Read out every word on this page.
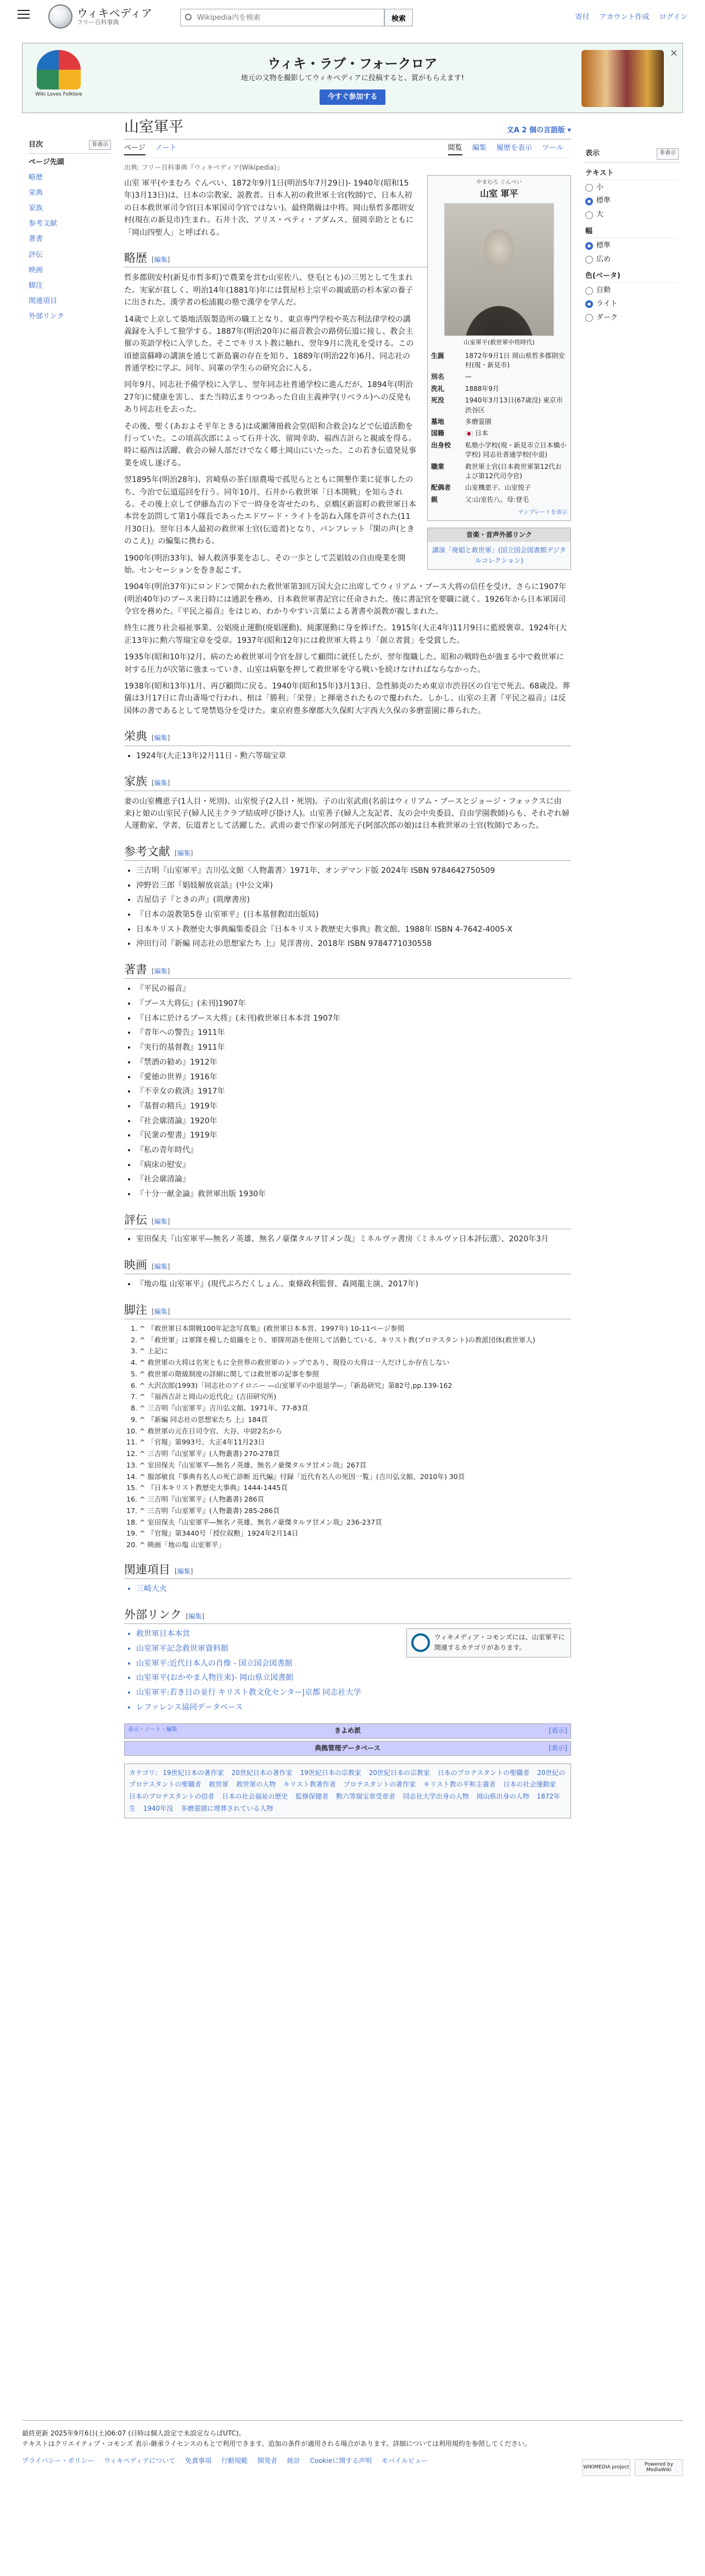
ウィキペディア
フリー百科事典
Wikipedia内を検索	検索	寄付 アカウント作成 ログイン
Wiki Loves Folklore
ウィキ・ラブ・フォークロア
地元の文物を撮影してウィキペディアに投稿すると、賞がもらえます!
今すぐ参加する
×
目次	非表示
ページ先頭
略歴
栄典
家族
参考文献
著書
評伝
映画
脚注
関連項目
外部リンク
山室軍平	文A 2 個の言語版 ▾
ページ ノート	閲覧 編集 履歴を表示 ツール
出典: フリー百科事典『ウィキペディア(Wikipedia)』
やまむろ ぐんぺい
山室 軍平
山室軍平(救世軍中将時代)
生誕	1872年9月1日 岡山県哲多郡則安村(現・新見市)
別名	—
洗礼	1888年9月
死没	1940年3月13日(67歳没) 東京市渋谷区
墓地	多磨霊園
国籍	日本
出身校	私塾小学校(現・新見市立日本橋小学校) 同志社普通学校(中退)
職業	救世軍士官(日本救世軍第12代および第12代司令官)
配偶者	山室機恵子、山室悦子
親	父:山室佐八、母:登毛
テンプレートを表示
音楽・音声外部リンク
講演「廃娼と救世軍」(国立国会図書館デジタルコレクション)

山室 軍平(やまむろ ぐんぺい、1872年9月1日(明治5年7月29日)- 1940年(昭和15年)3月13日)は、日本の宗教家、説教者。日本人初の救世軍士官(牧師)で、日本人初の日本救世軍司令官(日本軍国司令官ではない)。最終階級は中将。岡山県哲多郡則安村(現在の新見市)生まれ。石井十次、アリス・ペティ・アダムス、留岡幸助とともに「岡山四聖人」と呼ばれる。

略歴 [編集]

哲多郡則安村(新見市哲多町)で農業を営む山室佐八、登毛(とも)の三男として生まれた。実家が貧しく、明治14年(1881年)年には質屋杉上宗平の親戚筋の杉本家の養子に出された。漢学者の松浦親の塾で漢学を学んだ。

14歳で上京して築地活版製造所の職工となり、東京専門学校や英吉利法律学校の講義録を入手して独学する。1887年(明治20年)に福音教会の路傍伝道に接し、教会主催の英語学校に入学した。そこでキリスト教に触れ、翌年9月に洗礼を受ける。この頃徳富蘇峰の講演を通じて新島襄の存在を知り、1889年(明治22年)6月、同志社の普通学校に学ぶ。同年、同輩の学生らの研究会に入る。

同年9月、同志社予備学校に入学し、翌年同志社普通学校に進んだが、1894年(明治27年)に健康を害し、また当時広まりつつあった自由主義神学(リベラル)への反発もあり同志社を去った。

その後、聖く(あおよそ平年ときる)は成瀬簿冊救会堂(昭和合救会)などで伝道活動を行っていた。この頃高次郎によって石井十次、留岡幸助、福西吉計らと親戚を得る。時に福西は活躍、救会の婦人部だけでなく郷土岡山にいたった。この若き伝道発見事業を成し遂げる。

翌1895年(明治28年)、宮崎県の茶臼原農場で孤児らとともに開墾作業に従事したのち、今治で伝道巡回を行う。同年10月、石井から救世軍「日本開戦」を知らされる。その後上京して伊藤為吉の下で一時身を寄せたのち、京橋区新富町の救世軍日本本営を訪問して第1小隊長であったエドワード・ライトを訪ね入隊を許可された(11月30日)。翌年日本人最初の救世軍士官(伝道者)となり、パンフレット『閑の声(ときのこえ)』の編集に携わる。

1900年(明治33年)、婦人救済事業を志し、その一歩として芸娼妓の自由廃業を開始。センセーションを巻き起こす。

1904年(明治37年)にロンドンで開かれた救世軍第3回万国大会に出席してウィリアム・ブース大将の信任を受け、さらに1907年(明治40年)のブース来日時には通訳を務め、日本救世軍書記官に任命された。後に書記官を要職に就く。1926年から日本軍国司令官を務めた。『平民之福音』をはじめ、わかりやすい言葉による著書や説教が親しまれた。

終生に渡り社会福祉事業、公娼廃止運動(廃娼運動)、純潔運動に身を捧げた。1915年(大正4年)11月9日に藍綬褒章、1924年(大正13年)に勲六等瑞宝章を受章。1937年(昭和12年)には救世軍大将より「創立者賞」を受賞した。

1935年(昭和10年)2月、病のため救世軍司令官を辞して顧問に就任したが、翌年復職した。昭和の戦時色が強まる中で救世軍に対する圧力が次第に強まっていき、山室は病躯を押して救世軍を守る戦いを続けなければならなかった。

1938年(昭和13年)1月、再び顧問に戻る。1940年(昭和15年)3月13日、急性肺炎のため東京市渋谷区の自宅で死去。68歳没。葬儀は3月17日に青山斎場で行われ、棺は「勝利」「栄誉」と揮毫されたもので覆われた。しかし、山室の主著『平民之福音』は反国体の書であるとして発禁処分を受けた。東京府豊多摩郡大久保町大字西大久保の多磨霊園に葬られた。

栄典 [編集]
• 1924年(大正13年)2月11日 - 勲六等瑞宝章
家族 [編集]

妻の山室機恵子(1人目・死別)、山室悦子(2人目・死別)。子の山室武甫(名前はウィリアム・ブースとジョージ・フォックスに由来)と娘の山室民子(婦人民主クラブ結成呼び掛け人)。山室善子(婦人之友記者、友の会中央委員、自由学園教師)らも、それぞれ婦人運動家、学者、伝道者として活躍した。武甫の妻で作家の阿部光子(阿部次郎の娘)は日本救世軍の士官(牧師)であった。

参考文献 [編集]
• 三吉明『山室軍平』吉川弘文館〈人物叢書〉1971年、オンデマンド版 2024年 ISBN 9784642750509
• 沖野岩三郎『娼妓解放哀話』(中公文庫)
• 吉屋信子『ときの声』(筑摩書房)
• 『日本の説教第5巻 山室軍平』(日本基督教団出版局)
• 日本キリスト教歴史大事典編集委員会『日本キリスト教歴史大事典』教文館、1988年 ISBN 4-7642-4005-X
• 沖田行司『新編 同志社の思想家たち 上』晃洋書房、2018年 ISBN 9784771030558
著書 [編集]
• 『平民の福音』
• 『ブース大将伝』(未刊)1907年
• 『日本に於けるブース大将』(未刊)救世軍日本本営 1907年
• 『青年への警告』1911年
• 『実行的基督教』1911年
• 『禁酒の勧め』1912年
• 『愛徳の世界』1916年
• 『不幸女の救済』1917年
• 『基督の精兵』1919年
• 『社会廓清論』1920年
• 『民衆の聖書』1919年
• 『私の青年時代』
• 『病床の慰安』
• 『社会廓清論』
• 『十分一献金論』救世軍出版 1930年
評伝 [編集]
• 室田保夫『山室軍平―無名ノ英雄、無名ノ豪傑タルヲ甘メン哉』ミネルヴァ書房〈ミネルヴァ日本評伝選〉、2020年3月
映画 [編集]
• 『地の塩 山室軍平』(現代ぷろだくしょん、東條政利監督、森岡龍主演、2017年)
脚注 [編集]
1. ^ 『救世軍日本開戦100年記念写真集』(救世軍日本本営、1997年) 10-11ページ参照
2. ^ 「救世軍」は軍隊を模した組織をとり、軍隊用語を使用して活動している。キリスト教(プロテスタント)の教派団体(救世軍人)
3. ^ 上記に
4. ^ 救世軍の大将は名実ともに全世界の救世軍のトップであり、現役の大将は一人だけしか存在しない
5. ^ 救世軍の階級制度の詳細に関しては救世軍の記事を参照
6. ^ 大沢次郎(1993)「同志社のアイロニー ―山室軍平の中退退学―」『新島研究』第82号,pp.139-162
7. ^ 『福西吉計と岡山の近代化』(吉田研究所)
8. ^ 三吉明『山室軍平』吉川弘文館、1971年、77-83頁
9. ^ 『新編 同志社の思想家たち 上』184頁
10. ^ 救世軍の元在日司令官、大谷、中尉2名から
11. ^ 「官報」第993号、大正4年11月23日
12. ^ 三吉明『山室軍平』(人物叢書) 270-278頁
13. ^ 室田保夫『山室軍平―無名ノ英雄、無名ノ豪傑タルヲ甘メン哉』267頁
14. ^ 服部敏良『事典有名人の死亡診断 近代編』付録「近代有名人の死因一覧」(吉川弘文館、2010年) 30頁
15. ^ 『日本キリスト教歴史大事典』1444-1445頁
16. ^ 三吉明『山室軍平』(人物叢書) 286頁
17. ^ 三吉明『山室軍平』(人物叢書) 285-286頁
18. ^ 室田保夫『山室軍平―無名ノ英雄、無名ノ豪傑タルヲ甘メン哉』236-237頁
19. ^ 『官報』第3440号「授位叙勲」1924年2月14日
20. ^ 映画「地の塩 山室軍平」
関連項目 [編集]
• 三崎大火
外部リンク [編集]
ウィキメディア・コモンズには、山室軍平に関連するカテゴリがあります。
• 救世軍日本本営
• 山室軍平記念救世軍資料館
• 山室軍平:近代日本人の肖像 - 国立国会図書館
• 山室軍平(おかやま人物往来)- 岡山県立図書館
• 山室軍平:若き日の並行 キリスト教文化センター|京都 同志社大学
• レファレンス協同データベース
表示・ノート・編集	きよめ派	[表示]
典拠管理データベース	[表示]
カテゴリ: 19世紀日本の著作家 20世紀日本の著作家 19世紀日本の宗教家 20世紀日本の宗教家 日本のプロテスタントの聖職者 20世紀のプロテスタントの聖職者 救世軍 救世軍の人物 キリスト教著作者 プロテスタントの著作家 キリスト教の平和主義者 日本の社会運動家 日本のプロテスタントの信者 日本の社会福祉の歴史 監修保健者 勲六等瑞宝章受章者 同志社大学出身の人物 岡山県出身の人物 1872年生 1940年没 多磨霊園に埋葬されている人物
表示	非表示
テキスト
小
標準
大
幅
標準
広め
色(ベータ)
自動
ライト
ダーク
最終更新 2025年9月6日(土)06:07 (日時は個人設定で未設定ならばUTC)。
テキストはクリエイティブ・コモンズ 表示-継承ライセンスのもとで利用できます。追加の条件が適用される場合があります。詳細については利用規約を参照してください。
プライバシー・ポリシー ウィキペディアについて 免責事項 行動規範 開発者 統計 Cookieに関する声明 モバイルビュー
WIKIMEDIA project	Powered by MediaWiki
